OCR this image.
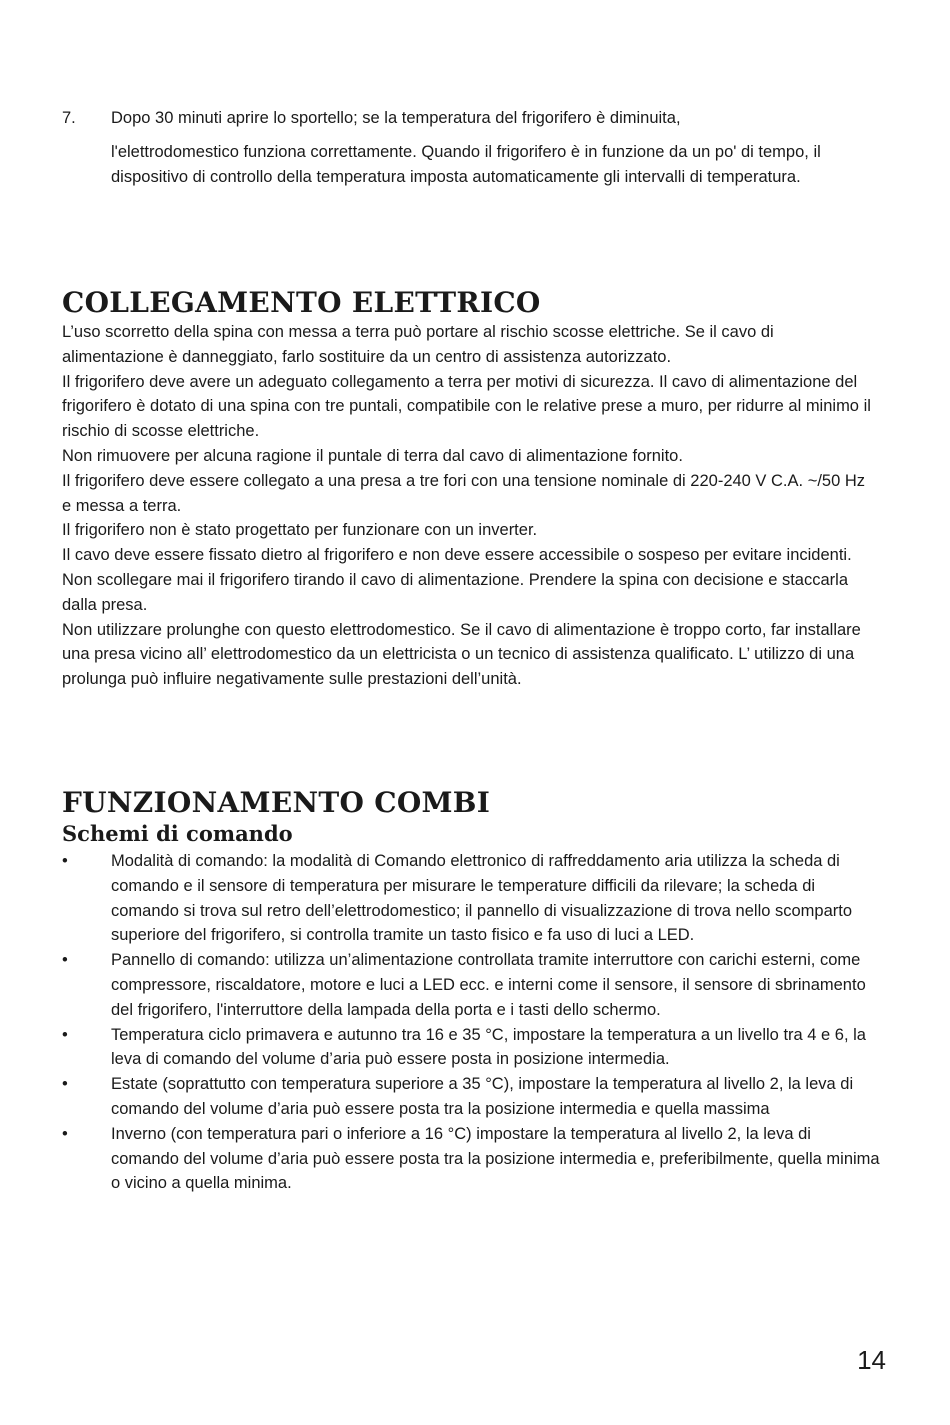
7.	Dopo 30 minuti aprire lo sportello; se la temperatura del frigorifero è diminuita,
l'elettrodomestico funziona correttamente. Quando il frigorifero è in funzione da un po' di tempo, il dispositivo di controllo della temperatura imposta automaticamente gli intervalli di temperatura.
COLLEGAMENTO ELETTRICO

L’uso scorretto della spina con messa a terra può portare al rischio scosse elettriche. Se il cavo di alimentazione è danneggiato, farlo sostituire da un centro di assistenza autorizzato.

Il frigorifero deve avere un adeguato collegamento a terra per motivi di sicurezza. Il cavo di alimentazione del frigorifero è dotato di una spina con tre puntali, compatibile con le relative prese a muro, per ridurre al minimo il rischio di scosse elettriche.

Non rimuovere per alcuna ragione il puntale di terra dal cavo di alimentazione fornito.

Il frigorifero deve essere collegato a una presa a tre fori con una tensione nominale di 220-240 V C.A. ~/50 Hz e messa a terra.

Il frigorifero non è stato progettato per funzionare con un inverter.

Il cavo deve essere fissato dietro al frigorifero e non deve essere accessibile o sospeso per evitare incidenti.

Non scollegare mai il frigorifero tirando il cavo di alimentazione. Prendere la spina con decisione e staccarla dalla presa.

Non utilizzare prolunghe con questo elettrodomestico. Se il cavo di alimentazione è troppo corto, far installare una presa vicino all’ elettrodomestico da un elettricista o un tecnico di assistenza qualificato. L’ utilizzo di una prolunga può influire negativamente sulle prestazioni dell’unità.

FUNZIONAMENTO COMBI
Schemi di comando
•	Modalità di comando: la modalità di Comando elettronico di raffreddamento aria utilizza la scheda di comando e il sensore di temperatura per misurare le temperature difficili da rilevare; la scheda di comando si trova sul retro dell’elettrodomestico; il pannello di visualizzazione di trova nello scomparto superiore del frigorifero, si controlla tramite un tasto fisico e fa uso di luci a LED.
•	Pannello di comando: utilizza un’alimentazione controllata tramite interruttore con carichi esterni, come compressore, riscaldatore, motore e luci a LED ecc. e interni come il sensore, il sensore di sbrinamento del frigorifero, l'interruttore della lampada della porta e i tasti dello schermo.
•	Temperatura ciclo primavera e autunno tra 16 e 35 °C, impostare la temperatura a un livello tra 4 e 6, la leva di comando del volume d’aria può essere posta in posizione intermedia.
•	Estate (soprattutto con temperatura superiore a 35 °C), impostare la temperatura al livello 2, la leva di comando del volume d’aria può essere posta tra la posizione intermedia e quella massima
•	Inverno (con temperatura pari o inferiore a 16 °C) impostare la temperatura al livello 2, la leva di comando del volume d’aria può essere posta tra la posizione intermedia e, preferibilmente, quella minima o vicino a quella minima.
14
